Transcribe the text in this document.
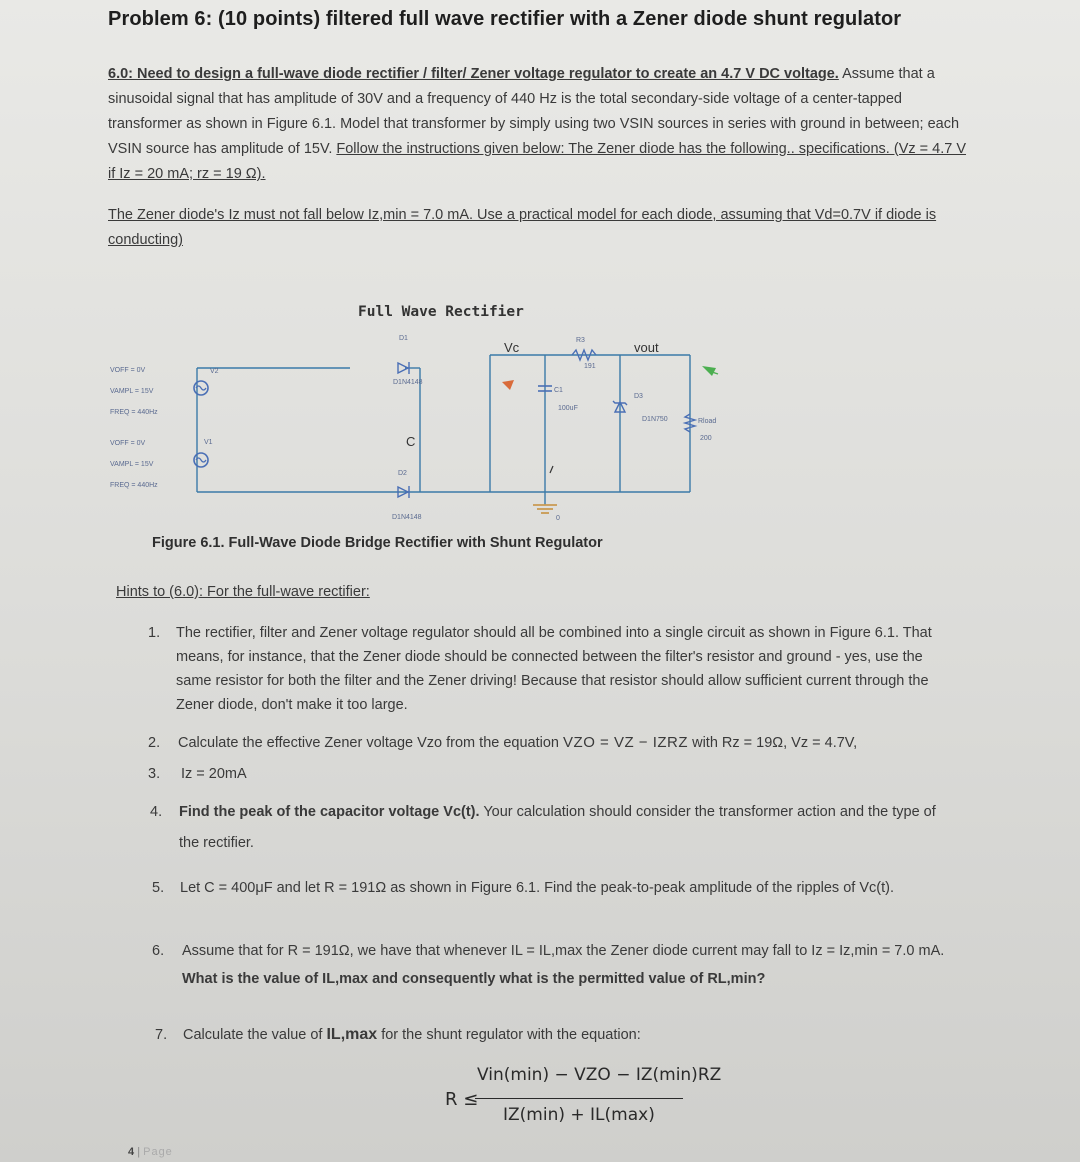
Problem 6: (10 points) filtered full wave rectifier with a Zener diode shunt regulator

6.0: Need to design a full-wave diode rectifier / filter/ Zener voltage regulator to create an 4.7 V DC voltage. Assume that a sinusoidal signal that has amplitude of 30V and a frequency of 440 Hz is the total secondary-side voltage of a center-tapped transformer as shown in Figure 6.1. Model that transformer by simply using two VSIN sources in series with ground in between; each VSIN source has amplitude of 15V. Follow the instructions given below: The Zener diode has the following.. specifications. (Vz = 4.7 V if Iz = 20 mA; rz = 19 Ω).

The Zener diode's Iz must not fall below Iz,min = 7.0 mA. Use a practical model for each diode, assuming that Vd=0.7V if diode is conducting)
Full Wave Rectifier
VOFF = 0V
VAMPL = 15V
FREQ = 440Hz
V2
VOFF = 0V
VAMPL = 15V
FREQ = 440Hz
V1
D1
D1N4148
D2
D1N4148
R3
191
C1
100uF
D3
D1N750	Rload
200
0
Vc	vout
C
Figure 6.1. Full-Wave Diode Bridge Rectifier with Shunt Regulator
Hints to (6.0): For the full-wave rectifier:
1. The rectifier, filter and Zener voltage regulator should all be combined into a single circuit as shown in Figure 6.1. That means, for instance, that the Zener diode should be connected between the filter's resistor and ground - yes, use the same resistor for both the filter and the Zener driving! Because that resistor should allow sufficient current through the Zener diode, don't make it too large.
2. Calculate the effective Zener voltage Vzo from the equation VZO = VZ − IZRZ with Rz = 19Ω, Vz = 4.7V,
3. Iz = 20mA
4. Find the peak of the capacitor voltage Vc(t). Your calculation should consider the transformer action and the type of the rectifier.
5. Let C = 400μF and let R = 191Ω as shown in Figure 6.1. Find the peak-to-peak amplitude of the ripples of Vc(t).
6. Assume that for R = 191Ω, we have that whenever IL = IL,max the Zener diode current may fall to Iz = Iz,min = 7.0 mA. What is the value of IL,max and consequently what is the permitted value of RL,min?
7. Calculate the value of IL,max for the shunt regulator with the equation:
R ≤
Vin(min) − VZO − IZ(min)RZ
IZ(min) + IL(max)
4 | Page
